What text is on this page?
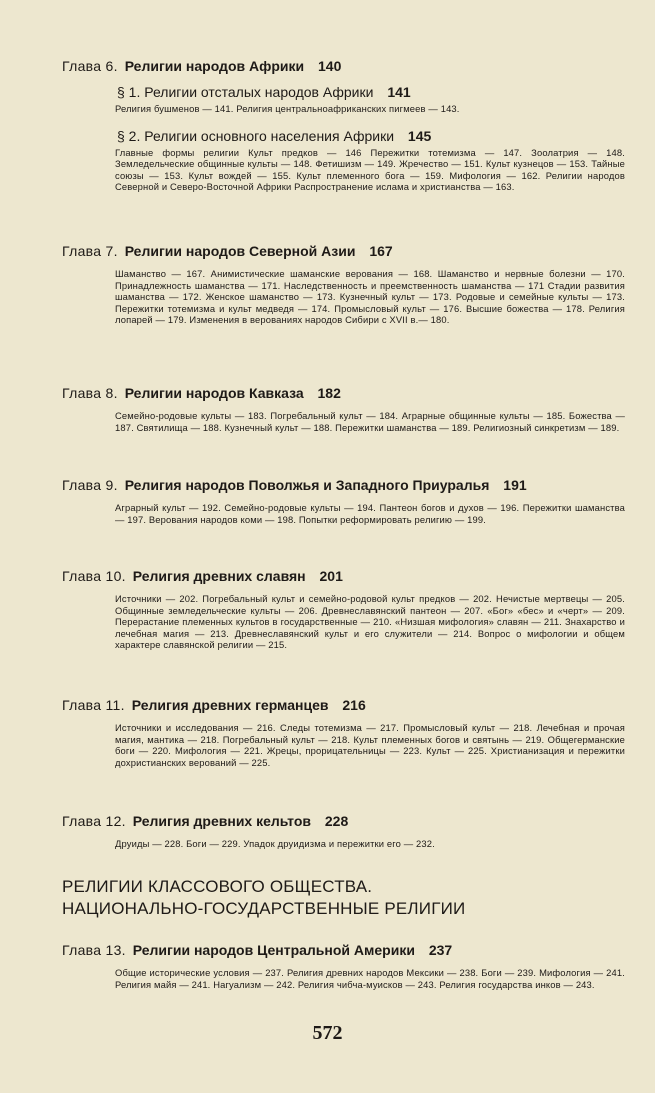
Глава 6. Религии народов Африки 140
§ 1. Религии отсталых народов Африки 141
Религия бушменов — 141. Религия центральноафриканских пигмеев — 143.
§ 2. Религии основного населения Африки 145
Главные формы религии Культ предков — 146 Пережитки тотемизма — 147. Зоолатрия — 148. Земледельческие общинные культы — 148. Фетишизм — 149. Жречество — 151. Культ кузнецов — 153. Тайные союзы — 153. Культ вождей — 155. Культ племенного бога — 159. Мифология — 162. Религии народов Северной и Северо-Восточной Африки Распространение ислама и христианства — 163.
Глава 7. Религии народов Северной Азии 167
Шаманство — 167. Анимистические шаманские верования — 168. Шаманство и нервные болезни — 170. Принадлежность шаманства — 171. Наследственность и преемственность шаманства — 171 Стадии развития шаманства — 172. Женское шаманство — 173. Кузнечный культ — 173. Родовые и семейные культы — 173. Пережитки тотемизма и культ медведя — 174. Промысловый культ — 176. Высшие божества — 178. Религия лопарей — 179. Изменения в верованиях народов Сибири с XVII в.— 180.
Глава 8. Религии народов Кавказа 182
Семейно-родовые культы — 183. Погребальный культ — 184. Аграрные общинные культы — 185. Божества — 187. Святилища — 188. Кузнечный культ — 188. Пережитки шаманства — 189. Религиозный синкретизм — 189.
Глава 9. Религия народов Поволжья и Западного Приуралья 191
Аграрный культ — 192. Семейно-родовые культы — 194. Пантеон богов и духов — 196. Пережитки шаманства — 197. Верования народов коми — 198. Попытки реформировать религию — 199.
Глава 10. Религия древних славян 201
Источники — 202. Погребальный культ и семейно-родовой культ предков — 202. Нечистые мертвецы — 205. Общинные земледельческие культы — 206. Древнеславянский пантеон — 207. «Бог» «бес» и «черт» — 209. Перерастание племенных культов в государственные — 210. «Низшая мифология» славян — 211. Знахарство и лечебная магия — 213. Древнеславянский культ и его служители — 214. Вопрос о мифологии и общем характере славянской религии — 215.
Глава 11. Религия древних германцев 216
Источники и исследования — 216. Следы тотемизма — 217. Промысловый культ — 218. Лечебная и прочая магия, мантика — 218. Погребальный культ — 218. Культ племенных богов и святынь — 219. Общегерманские боги — 220. Мифология — 221. Жрецы, прорицательницы — 223. Культ — 225. Христианизация и пережитки дохристианских верований — 225.
Глава 12. Религия древних кельтов 228
Друиды — 228. Боги — 229. Упадок друидизма и пережитки его — 232.
РЕЛИГИИ КЛАССОВОГО ОБЩЕСТВА.
НАЦИОНАЛЬНО-ГОСУДАРСТВЕННЫЕ РЕЛИГИИ
Глава 13. Религии народов Центральной Америки 237
Общие исторические условия — 237. Религия древних народов Мексики — 238. Боги — 239. Мифология — 241. Религия майя — 241. Нагуализм — 242. Религия чибча-муисков — 243. Религия государства инков — 243.
572
